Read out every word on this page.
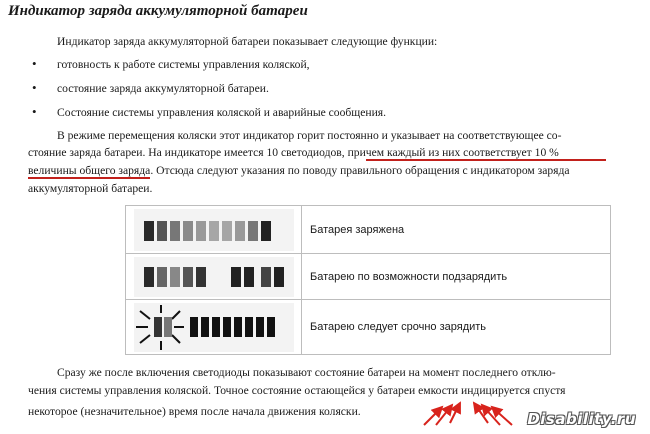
Индикатор заряда аккумуляторной батареи
Индикатор заряда аккумуляторной батареи показывает следующие функции:
• готовность к работе системы управления коляской,
• состояние заряда аккумуляторной батареи.
• Состояние системы управления коляской и аварийные сообщения.
В режиме перемещения коляски этот индикатор горит постоянно и указывает на соответствующее со-
стояние заряда батареи. На индикаторе имеется 10 светодиодов, причем каждый из них соответствует 10 %
величины общего заряда. Отсюда следуют указания по поводу правильного обращения с индикатором заряда
аккумуляторной батареи.
	Батарея заряжена

	Батарею по возможности подзарядить

	Батарею следует срочно зарядить
Сразу же после включения светодиоды показывают состояние батареи на момент последнего отклю-
чения системы управления коляской. Точное состояние остающейся у батареи емкости индицируется спустя
некоторое (незначительное) время после начала движения коляски.	Disability.ru
